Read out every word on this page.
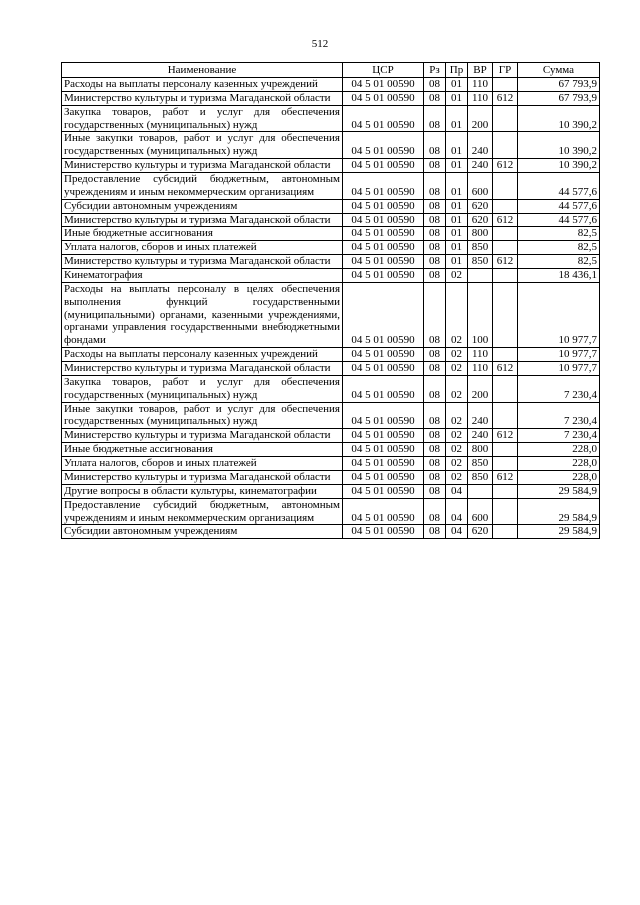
512
Наименование	ЦСР	Рз	Пр	ВР	ГР	Сумма
Расходы на выплаты персоналу казенных учреждений	04 5 01 00590	08	01	110		67 793,9
Министерство культуры и туризма Магаданской области	04 5 01 00590	08	01	110	612	67 793,9
Закупка товаров, работ и услуг для обеспечения государственных (муниципальных) нужд	04 5 01 00590	08	01	200		10 390,2
Иные закупки товаров, работ и услуг для обеспечения государственных (муниципальных) нужд	04 5 01 00590	08	01	240		10 390,2
Министерство культуры и туризма Магаданской области	04 5 01 00590	08	01	240	612	10 390,2
Предоставление субсидий бюджетным, автономным учреждениям и иным некоммерческим организациям	04 5 01 00590	08	01	600		44 577,6
Субсидии автономным учреждениям	04 5 01 00590	08	01	620		44 577,6
Министерство культуры и туризма Магаданской области	04 5 01 00590	08	01	620	612	44 577,6
Иные бюджетные ассигнования	04 5 01 00590	08	01	800		82,5
Уплата налогов, сборов и иных платежей	04 5 01 00590	08	01	850		82,5
Министерство культуры и туризма Магаданской области	04 5 01 00590	08	01	850	612	82,5
Кинематография	04 5 01 00590	08	02			18 436,1
Расходы на выплаты персоналу в целях обеспечения выполнения функций государственными (муниципальными) органами, казенными учреждениями, органами управления государственными внебюджетными фондами	04 5 01 00590	08	02	100		10 977,7
Расходы на выплаты персоналу казенных учреждений	04 5 01 00590	08	02	110		10 977,7
Министерство культуры и туризма Магаданской области	04 5 01 00590	08	02	110	612	10 977,7
Закупка товаров, работ и услуг для обеспечения государственных (муниципальных) нужд	04 5 01 00590	08	02	200		7 230,4
Иные закупки товаров, работ и услуг для обеспечения государственных (муниципальных) нужд	04 5 01 00590	08	02	240		7 230,4
Министерство культуры и туризма Магаданской области	04 5 01 00590	08	02	240	612	7 230,4
Иные бюджетные ассигнования	04 5 01 00590	08	02	800		228,0
Уплата налогов, сборов и иных платежей	04 5 01 00590	08	02	850		228,0
Министерство культуры и туризма Магаданской области	04 5 01 00590	08	02	850	612	228,0
Другие вопросы в области культуры, кинематографии	04 5 01 00590	08	04			29 584,9
Предоставление субсидий бюджетным, автономным учреждениям и иным некоммерческим организациям	04 5 01 00590	08	04	600		29 584,9
Субсидии автономным учреждениям	04 5 01 00590	08	04	620		29 584,9
